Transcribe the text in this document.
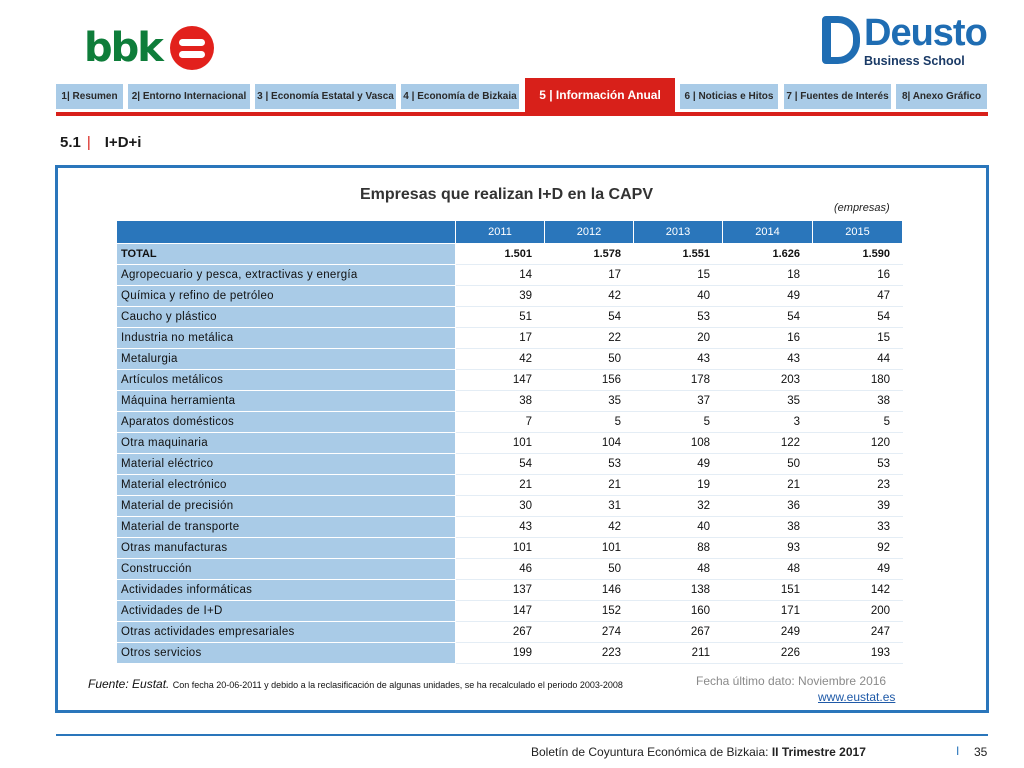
bbk	Deusto
Business School
1| Resumen	2| Entorno Internacional	3 | Economía Estatal y Vasca 4 | Economía de Bizkaia	5 | Información Anual	6 | Noticias e Hitos	7 | Fuentes de Interés	8| Anexo Gráfico
5.1 | I+D+i
Empresas que realizan I+D en la CAPV
(empresas)
	2011	2012	2013	2014	2015
TOTAL	1.501	1.578	1.551	1.626	1.590
Agropecuario y pesca, extractivas y energía	14	17	15	18	16
Química y refino de petróleo	39	42	40	49	47
Caucho y plástico	51	54	53	54	54
Industria no metálica	17	22	20	16	15
Metalurgia	42	50	43	43	44
Artículos metálicos	147	156	178	203	180
Máquina herramienta	38	35	37	35	38
Aparatos domésticos	7	5	5	3	5
Otra maquinaria	101	104	108	122	120
Material eléctrico	54	53	49	50	53
Material electrónico	21	21	19	21	23
Material de precisión	30	31	32	36	39
Material de transporte	43	42	40	38	33
Otras manufacturas	101	101	88	93	92
Construcción	46	50	48	48	49
Actividades informáticas	137	146	138	151	142
Actividades de I+D	147	152	160	171	200
Otras actividades empresariales	267	274	267	249	247
Otros servicios	199	223	211	226	193
Fuente: Eustat. Con fecha 20-06-2011 y debido a la reclasificación de algunas unidades, se ha recalculado el periodo 2003-2008	Fecha último dato: Noviembre 2016
www.eustat.es
Boletín de Coyuntura Económica de Bizkaia: II Trimestre 2017	I 35
